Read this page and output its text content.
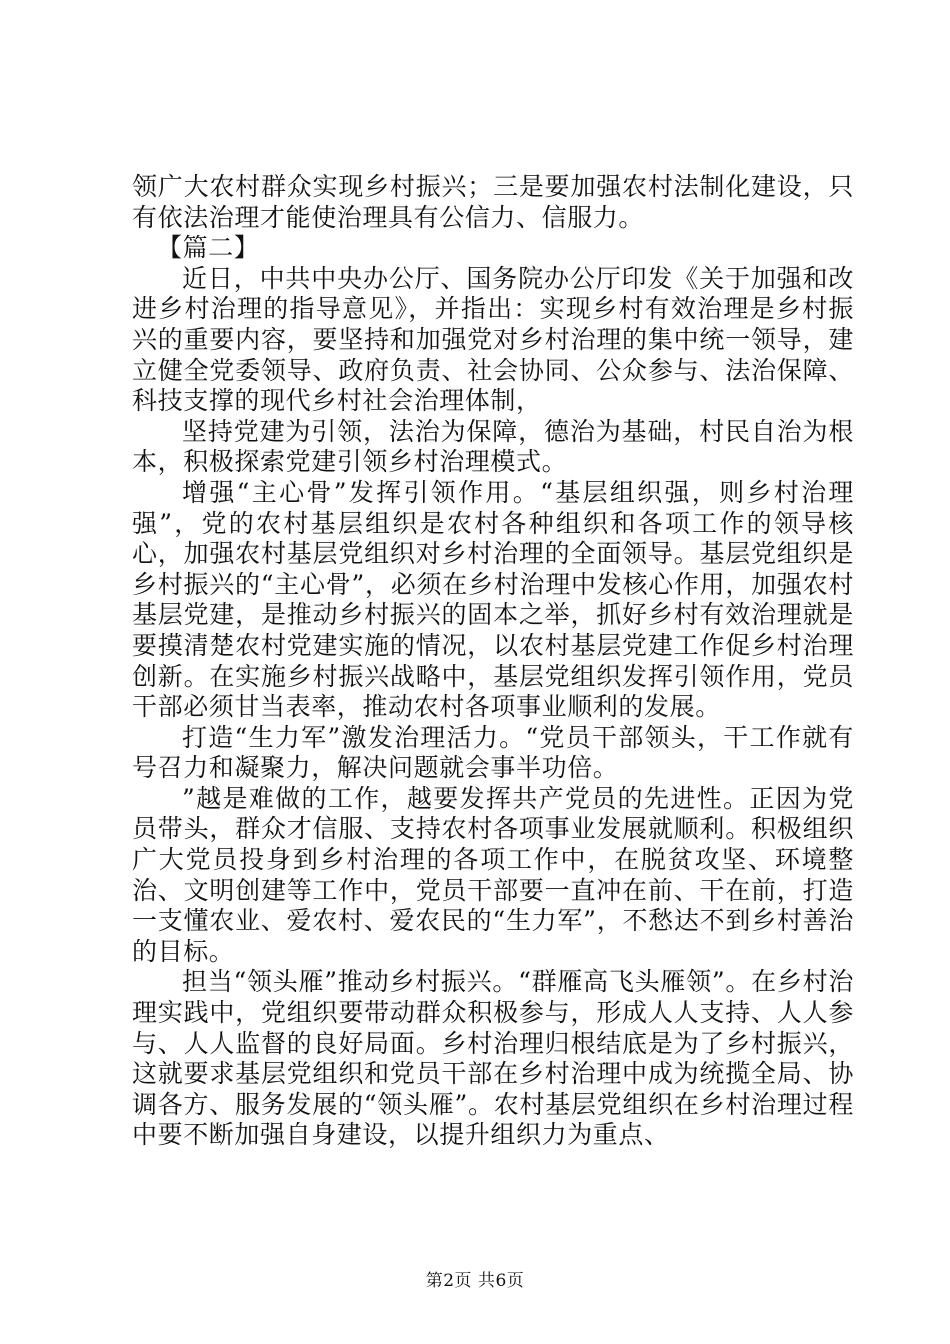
领广大农村群众实现乡村振兴；三是要加强农村法制化建设，只有依法治理才能使治理具有公信力、信服力。

【篇二】

近日，中共中央办公厅、国务院办公厅印发《关于加强和改进乡村治理的指导意见》，并指出：实现乡村有效治理是乡村振兴的重要内容，要坚持和加强党对乡村治理的集中统一领导，建立健全党委领导、政府负责、社会协同、公众参与、法治保障、科技支撑的现代乡村社会治理体制，

坚持党建为引领，法治为保障，德治为基础，村民自治为根本，积极探索党建引领乡村治理模式。

增强“主心骨”发挥引领作用。“基层组织强，则乡村治理强”，党的农村基层组织是农村各种组织和各项工作的领导核心，加强农村基层党组织对乡村治理的全面领导。基层党组织是乡村振兴的“主心骨”，必须在乡村治理中发核心作用，加强农村基层党建，是推动乡村振兴的固本之举，抓好乡村有效治理就是要摸清楚农村党建实施的情况，以农村基层党建工作促乡村治理创新。在实施乡村振兴战略中，基层党组织发挥引领作用，党员干部必须甘当表率，推动农村各项事业顺利的发展。

打造“生力军”激发治理活力。“党员干部领头，干工作就有号召力和凝聚力，解决问题就会事半功倍。

”越是难做的工作，越要发挥共产党员的先进性。正因为党员带头，群众才信服、支持农村各项事业发展就顺利。积极组织广大党员投身到乡村治理的各项工作中，在脱贫攻坚、环境整治、文明创建等工作中，党员干部要一直冲在前、干在前，打造一支懂农业、爱农村、爱农民的“生力军”，不愁达不到乡村善治的目标。

担当“领头雁”推动乡村振兴。“群雁高飞头雁领”。在乡村治理实践中，党组织要带动群众积极参与，形成人人支持、人人参与、人人监督的良好局面。乡村治理归根结底是为了乡村振兴，这就要求基层党组织和党员干部在乡村治理中成为统揽全局、协调各方、服务发展的“领头雁”。农村基层党组织在乡村治理过程中要不断加强自身建设，以提升组织力为重点、

第2页 共6页
